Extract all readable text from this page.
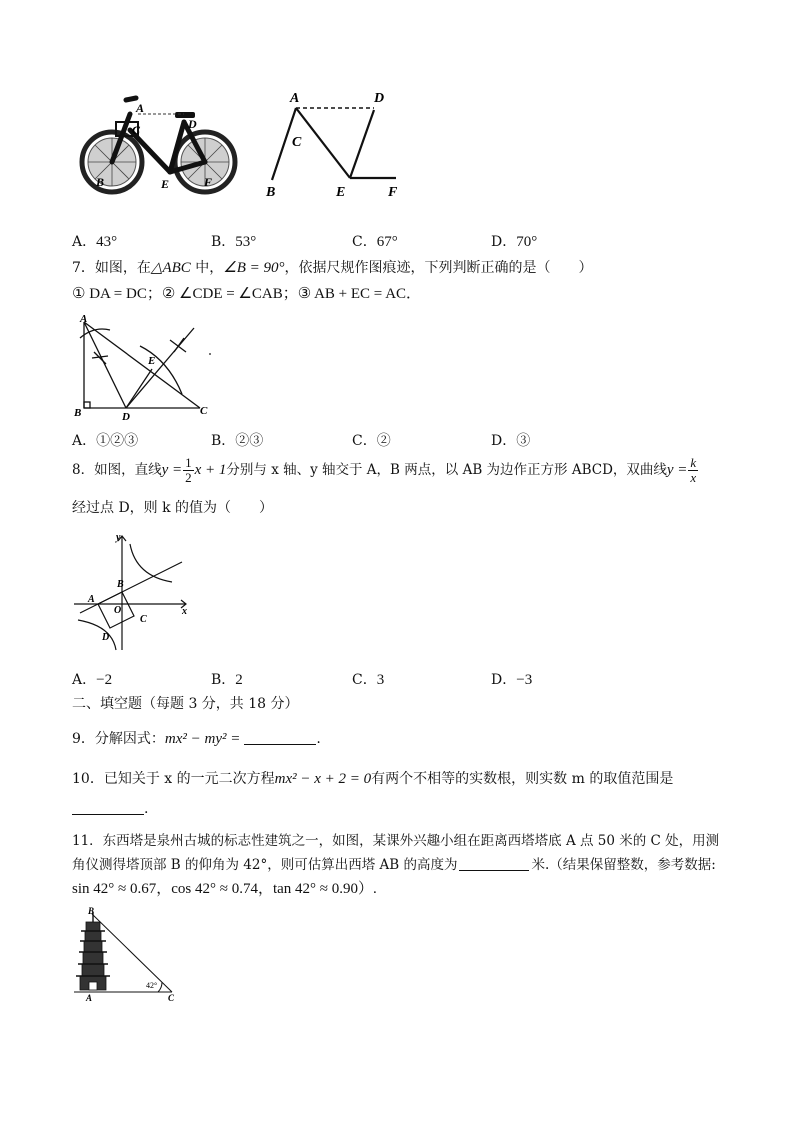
A
C	D
B	E	F
A	D
C
B	E	F
A．43°	B．53°	C．67°	D．70°
7．如图，在△ABC 中，∠B = 90°，依据尺规作图痕迹，下列判断正确的是（　　）
① DA = DC；② ∠CDE = ∠CAB；③ AB + EC = AC．
A
B	D
E
C
A．①②③	B．②③	C．②	D．③
8．如图，直线$y = \frac{1}{2}$ x + 1分别与 x 轴、y 轴交于 A，B 两点，以 AB 为边作正方形 ABCD，双曲线$y = \frac{k}{x}$
经过点 D，则 k 的值为（　　）
y
x
A
B
O
C
D
A．−2	B．2	C．3	D．−3
二、填空题（每题 3 分，共 18 分）
9．分解因式：mx² − my² =	.
10．已知关于 x 的一元二次方程mx² − x + 2 = 0有两个不相等的实数根，则实数 m 的取值范围是
.
11．东西塔是泉州古城的标志性建筑之一，如图，某课外兴趣小组在距离西塔塔底 A 点 50 米的 C 处，用测
角仪测得塔顶部 B 的仰角为 42°，则可估算出西塔 AB 的高度为	米.（结果保留整数，参考数据:
sin 42° ≈ 0.67，cos 42° ≈ 0.74，tan 42° ≈ 0.90）.
B
A	C
42°
